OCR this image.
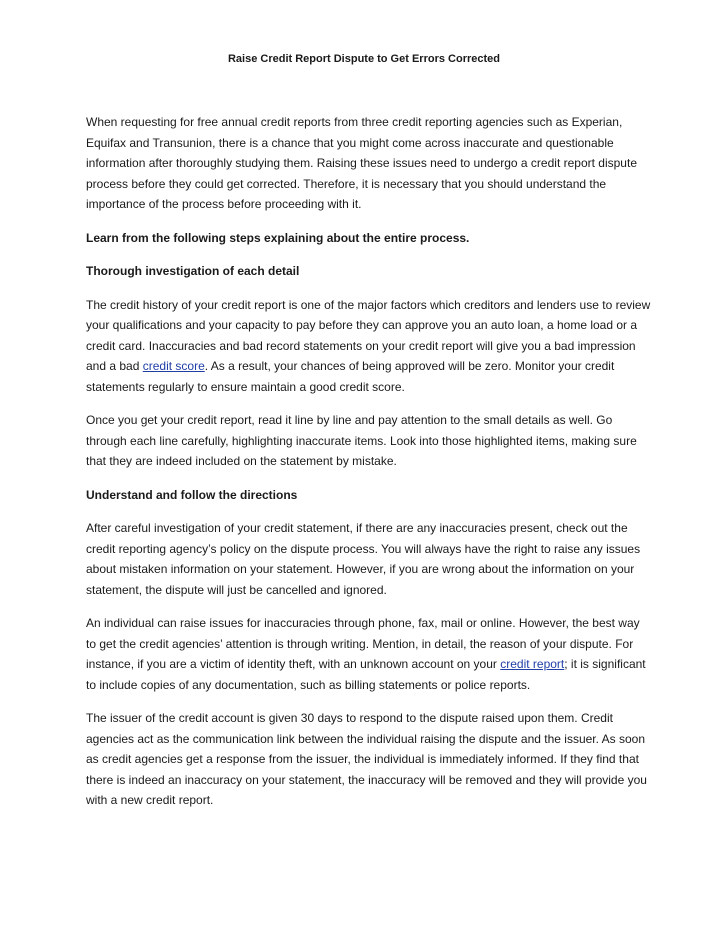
Raise Credit Report Dispute to Get Errors Corrected

When requesting for free annual credit reports from three credit reporting agencies such as Experian, Equifax and Transunion, there is a chance that you might come across inaccurate and questionable information after thoroughly studying them. Raising these issues need to undergo a credit report dispute process before they could get corrected. Therefore, it is necessary that you should understand the importance of the process before proceeding with it.

Learn from the following steps explaining about the entire process.
Thorough investigation of each detail

The credit history of your credit report is one of the major factors which creditors and lenders use to review your qualifications and your capacity to pay before they can approve you an auto loan, a home load or a credit card. Inaccuracies and bad record statements on your credit report will give you a bad impression and a bad credit score. As a result, your chances of being approved will be zero. Monitor your credit statements regularly to ensure maintain a good credit score.

Once you get your credit report, read it line by line and pay attention to the small details as well. Go through each line carefully, highlighting inaccurate items. Look into those highlighted items, making sure that they are indeed included on the statement by mistake.

Understand and follow the directions

After careful investigation of your credit statement, if there are any inaccuracies present, check out the credit reporting agency’s policy on the dispute process. You will always have the right to raise any issues about mistaken information on your statement. However, if you are wrong about the information on your statement, the dispute will just be cancelled and ignored.

An individual can raise issues for inaccuracies through phone, fax, mail or online. However, the best way to get the credit agencies’ attention is through writing. Mention, in detail, the reason of your dispute. For instance, if you are a victim of identity theft, with an unknown account on your credit report; it is significant to include copies of any documentation, such as billing statements or police reports.

The issuer of the credit account is given 30 days to respond to the dispute raised upon them. Credit agencies act as the communication link between the individual raising the dispute and the issuer. As soon as credit agencies get a response from the issuer, the individual is immediately informed. If they find that there is indeed an inaccuracy on your statement, the inaccuracy will be removed and they will provide you with a new credit report.
